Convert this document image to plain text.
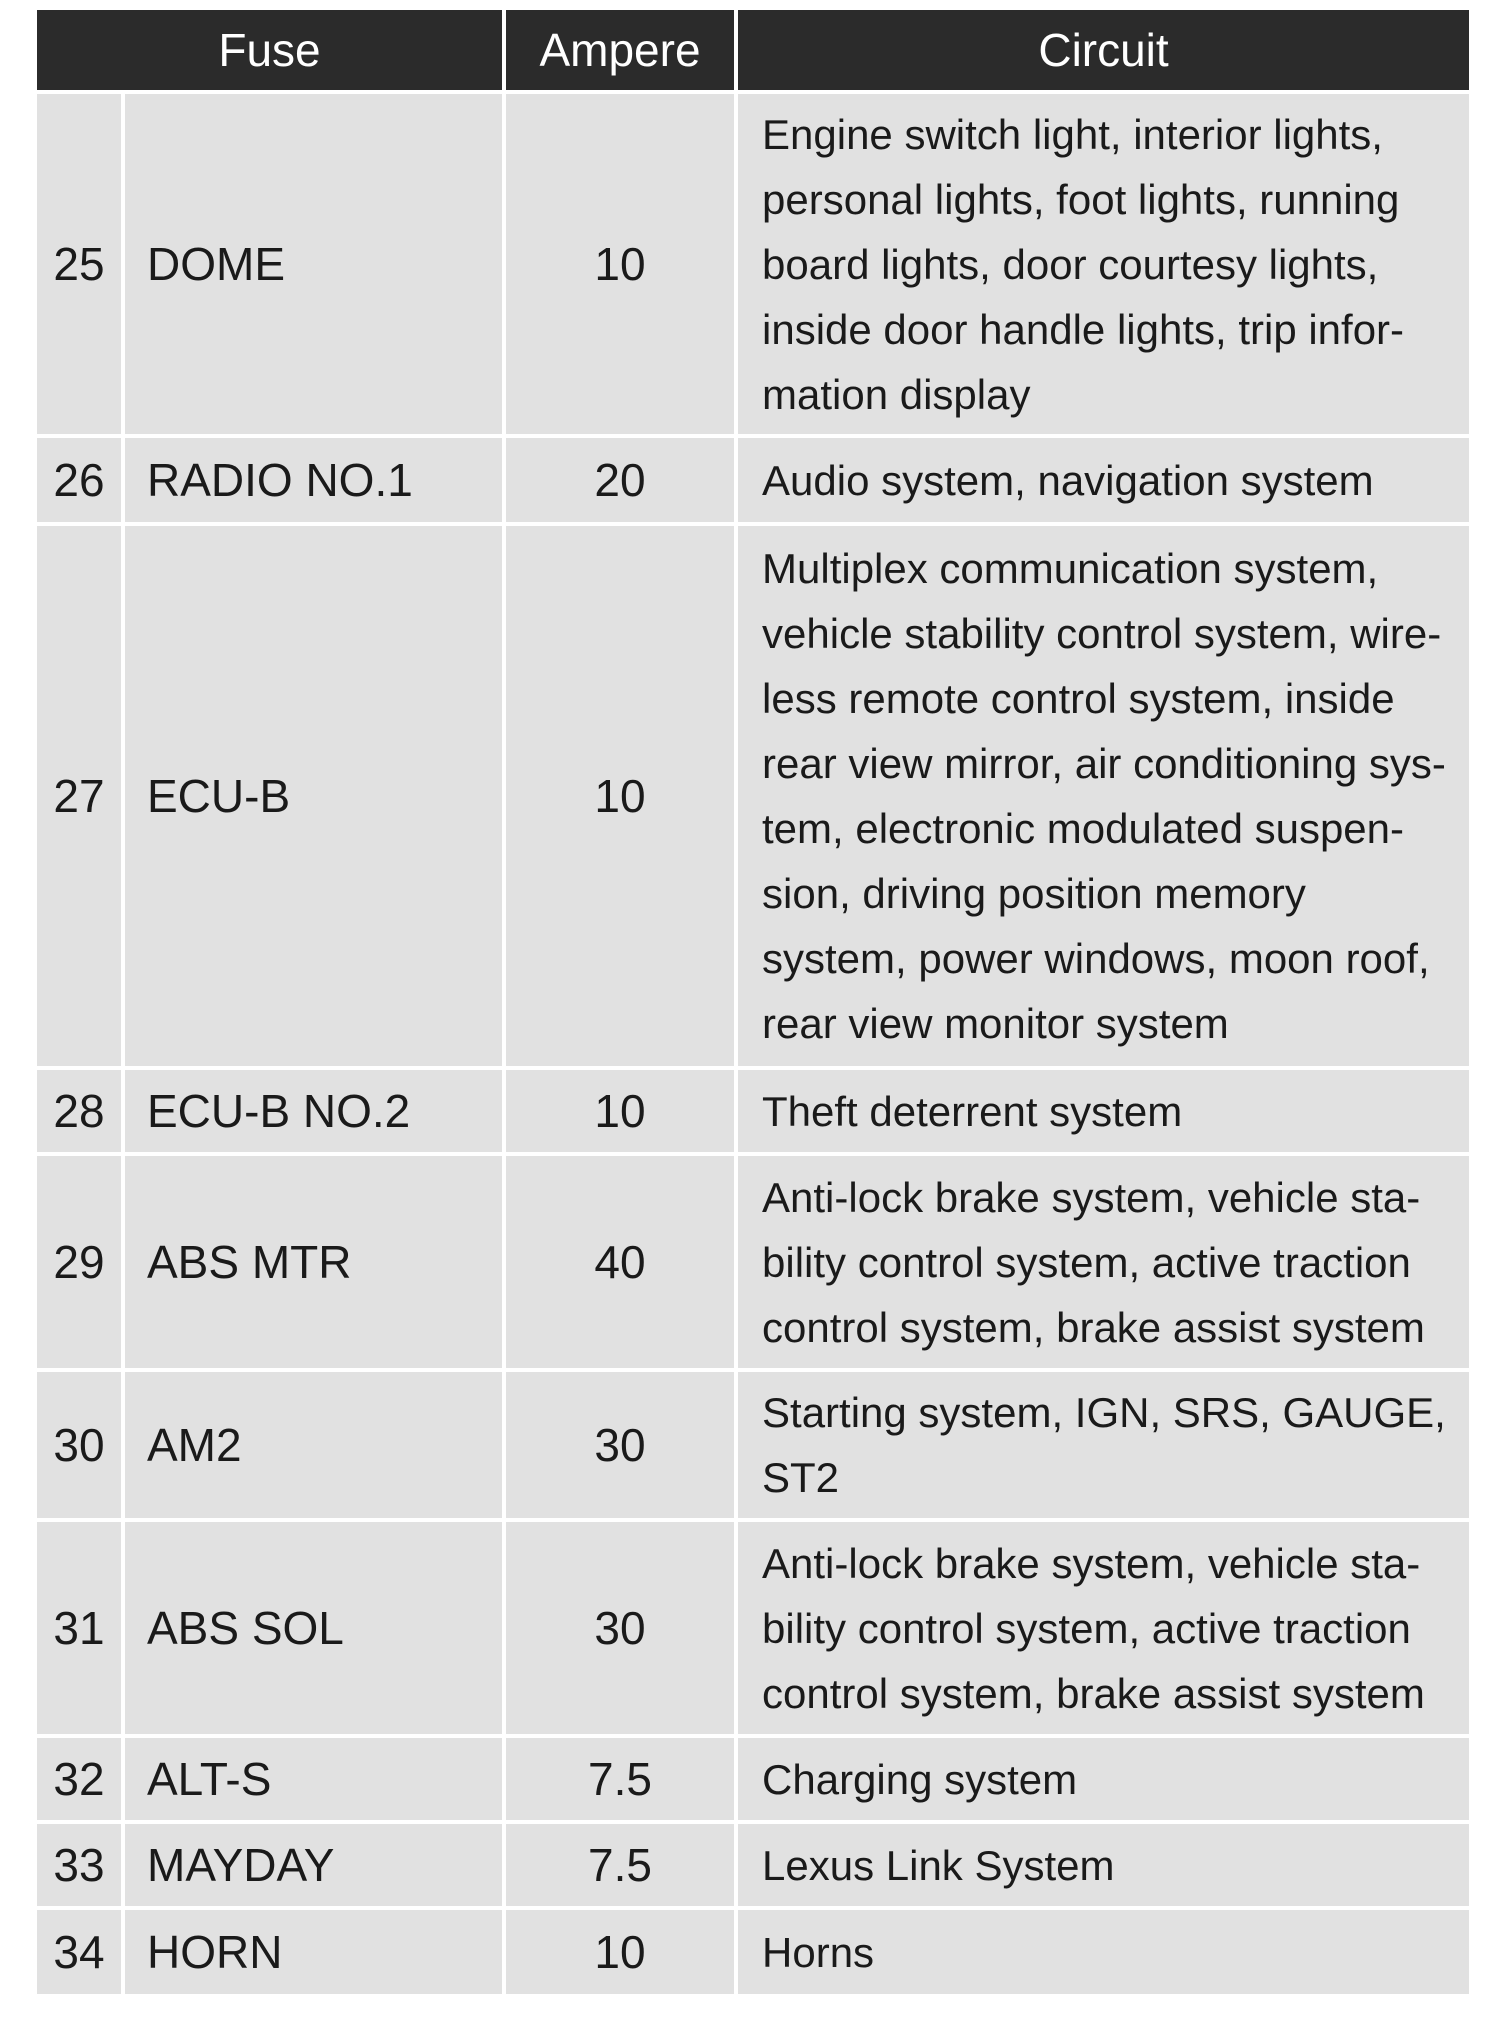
Fuse		Ampere	Circuit
25	DOME	10	Engine switch light, interior lights, personal lights, foot lights, running board lights, door courtesy lights, inside door handle lights, trip infor-mation display
26	RADIO NO.1	20	Audio system, navigation system
27	ECU-B	10	Multiplex communication system, vehicle stability control system, wire-less remote control system, inside rear view mirror, air conditioning sys-tem, electronic modulated suspen-sion, driving position memory system, power windows, moon roof, rear view monitor system
28	ECU-B NO.2	10	Theft deterrent system
29	ABS MTR	40	Anti-lock brake system, vehicle sta-bility control system, active traction control system, brake assist system
30	AM2	30	Starting system, IGN, SRS, GAUGE, ST2
31	ABS SOL	30	Anti-lock brake system, vehicle sta-bility control system, active traction control system, brake assist system
32	ALT-S	7.5	Charging system
33	MAYDAY	7.5	Lexus Link System
34	HORN	10	Horns
